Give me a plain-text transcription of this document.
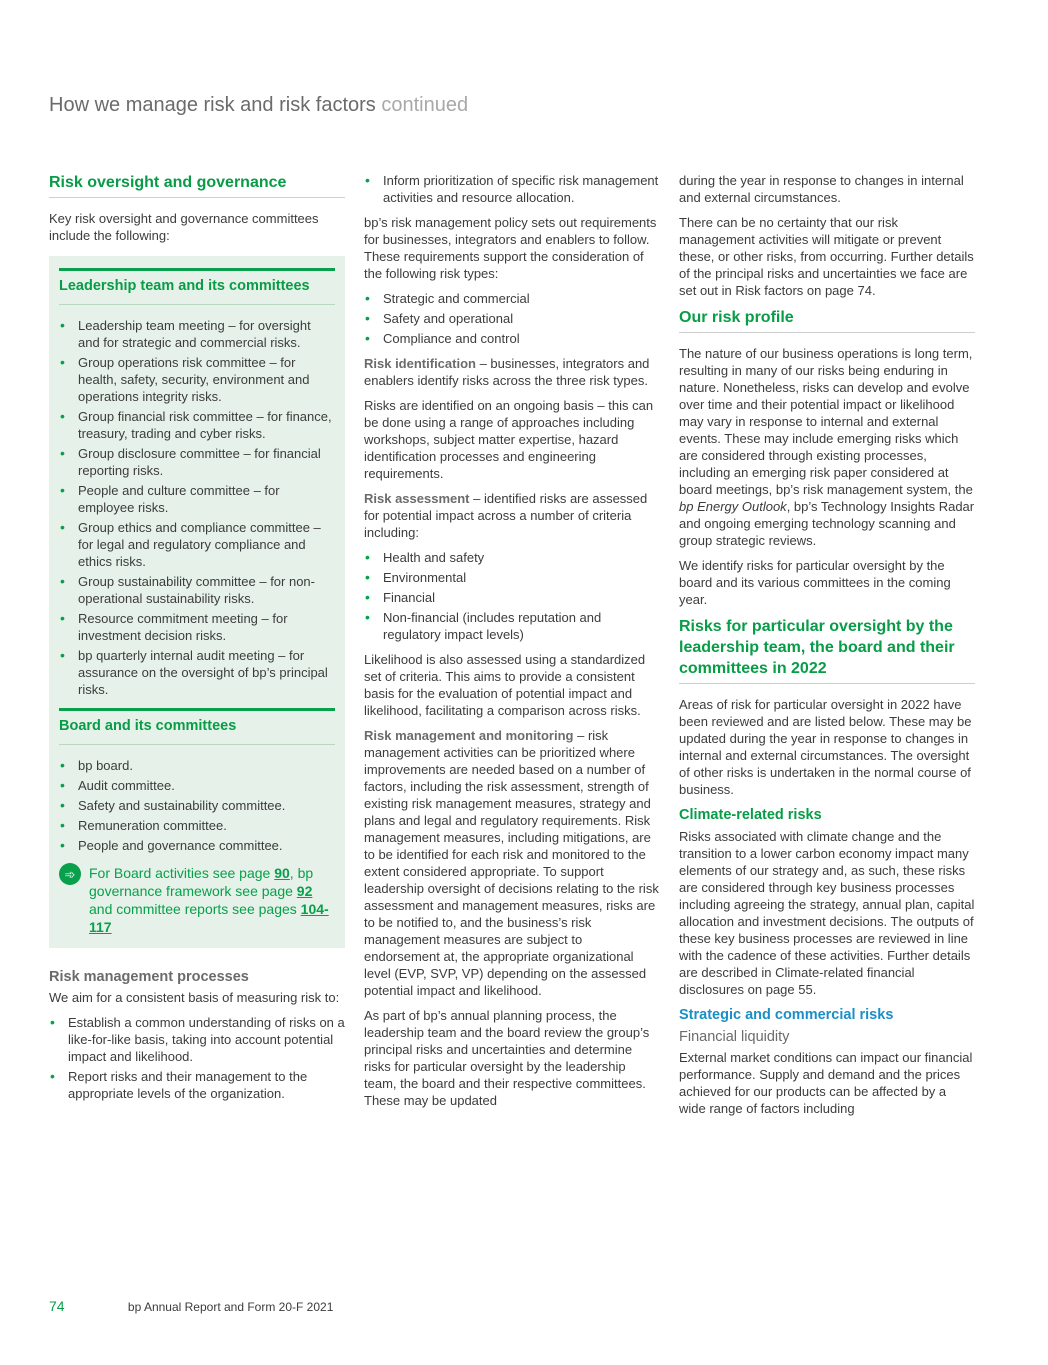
How we manage risk and risk factors continued
Risk oversight and governance

Key risk oversight and governance committees include the following:

Leadership team and its committees
• Leadership team meeting – for oversight and for strategic and commercial risks.
• Group operations risk committee – for health, safety, security, environment and operations integrity risks.
• Group financial risk committee – for finance, treasury, trading and cyber risks.
• Group disclosure committee – for financial reporting risks.
• People and culture committee – for employee risks.
• Group ethics and compliance committee – for legal and regulatory compliance and ethics risks.
• Group sustainability committee – for non-operational sustainability risks.
• Resource commitment meeting – for investment decision risks.
• bp quarterly internal audit meeting – for assurance on the oversight of bp’s principal risks.
Board and its committees
• bp board.
• Audit committee.
• Safety and sustainability committee.
• Remuneration committee.
• People and governance committee.
➾ For Board activities see page 90, bp governance framework see page 92 and committee reports see pages 104-117
Risk management processes

We aim for a consistent basis of measuring risk to:

• Establish a common understanding of risks on a like-for-like basis, taking into account potential impact and likelihood.
• Report risks and their management to the appropriate levels of the organization.
• Inform prioritization of specific risk management activities and resource allocation.

bp’s risk management policy sets out requirements for businesses, integrators and enablers to follow. These requirements support the consideration of the following risk types:

• Strategic and commercial
• Safety and operational
• Compliance and control

Risk identification – businesses, integrators and enablers identify risks across the three risk types.

Risks are identified on an ongoing basis – this can be done using a range of approaches including workshops, subject matter expertise, hazard identification processes and engineering requirements.

Risk assessment – identified risks are assessed for potential impact across a number of criteria including:

• Health and safety
• Environmental
• Financial
• Non-financial (includes reputation and regulatory impact levels)

Likelihood is also assessed using a standardized set of criteria. This aims to provide a consistent basis for the evaluation of potential impact and likelihood, facilitating a comparison across risks.

Risk management and monitoring – risk management activities can be prioritized where improvements are needed based on a number of factors, including the risk assessment, strength of existing risk management measures, strategy and plans and legal and regulatory requirements. Risk management measures, including mitigations, are to be identified for each risk and monitored to the extent considered appropriate. To support leadership oversight of decisions relating to the risk assessment and management measures, risks are to be notified to, and the business’s risk management measures are subject to endorsement at, the appropriate organizational level (EVP, SVP, VP) depending on the assessed potential impact and likelihood.

As part of bp’s annual planning process, the leadership team and the board review the group’s principal risks and uncertainties and determine risks for particular oversight by the leadership team, the board and their respective committees. These may be updated

during the year in response to changes in internal and external circumstances.

There can be no certainty that our risk management activities will mitigate or prevent these, or other risks, from occurring. Further details of the principal risks and uncertainties we face are set out in Risk factors on page 74.

Our risk profile

The nature of our business operations is long term, resulting in many of our risks being enduring in nature. Nonetheless, risks can develop and evolve over time and their potential impact or likelihood may vary in response to internal and external events. These may include emerging risks which are considered through existing processes, including an emerging risk paper considered at board meetings, bp’s risk management system, the bp Energy Outlook, bp’s Technology Insights Radar and ongoing emerging technology scanning and group strategic reviews.

We identify risks for particular oversight by the board and its various committees in the coming year.

Risks for particular oversight by the leadership team, the board and their committees in 2022

Areas of risk for particular oversight in 2022 have been reviewed and are listed below. These may be updated during the year in response to changes in internal and external circumstances. The oversight of other risks is undertaken in the normal course of business.

Climate-related risks

Risks associated with climate change and the transition to a lower carbon economy impact many elements of our strategy and, as such, these risks are considered through key business processes including agreeing the strategy, annual plan, capital allocation and investment decisions. The outputs of these key business processes are reviewed in line with the cadence of these activities. Further details are described in Climate-related financial disclosures on page 55.

Strategic and commercial risks
Financial liquidity

External market conditions can impact our financial performance. Supply and demand and the prices achieved for our products can be affected by a wide range of factors including

74	bp Annual Report and Form 20-F 2021
